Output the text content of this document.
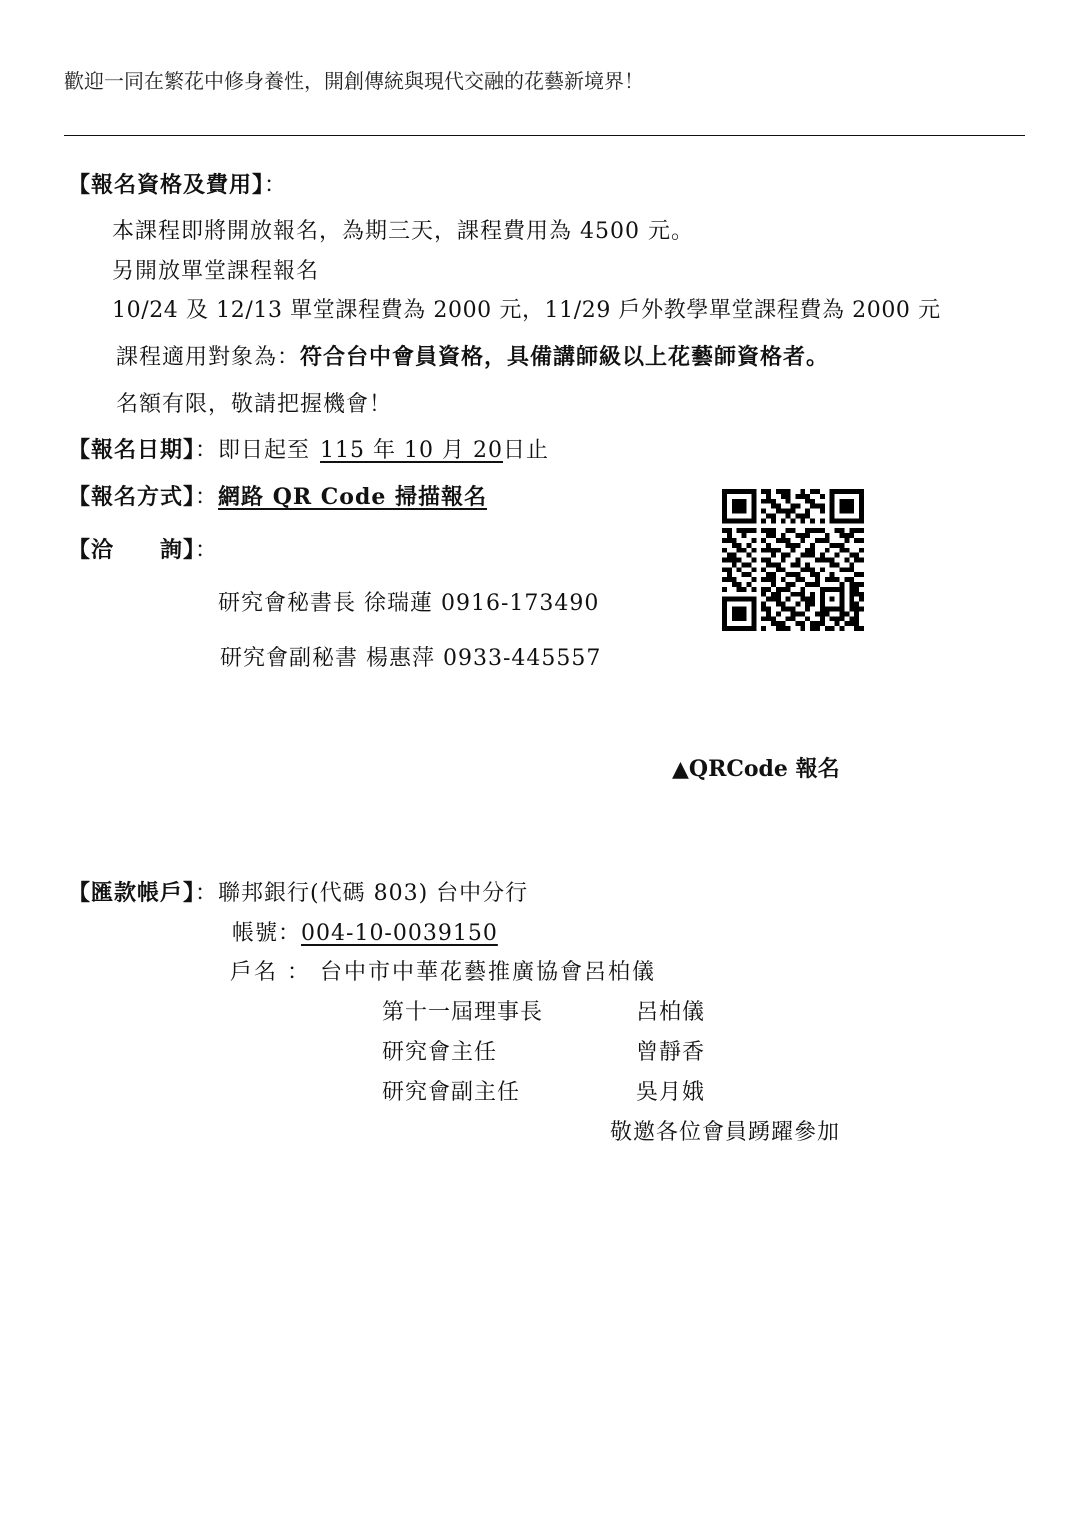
歡迎一同在繁花中修身養性，開創傳統與現代交融的花藝新境界！
【報名資格及費用】：
本課程即將開放報名，為期三天，課程費用為 4500 元。
另開放單堂課程報名
10/24 及 12/13 單堂課程費為 2000 元，11/29 戶外教學單堂課程費為 2000 元
課程適用對象為：符合台中會員資格，具備講師級以上花藝師資格者。
名額有限，敬請把握機會！
【報名日期】：即日起至 115 年 10 月 20日止
【報名方式】：網路 QR Code 掃描報名
【洽　　詢】：
研究會秘書長 徐瑞蓮 0916-173490
研究會副秘書 楊惠萍 0933-445557
▲QRCode 報名
【匯款帳戶】：聯邦銀行(代碼 803) 台中分行
帳號：004-10-0039150
戶名 ： 台中市中華花藝推廣協會呂柏儀
第十一屆理事長	呂柏儀
研究會主任	曾靜香
研究會副主任	吳月娥
敬邀各位會員踴躍參加
